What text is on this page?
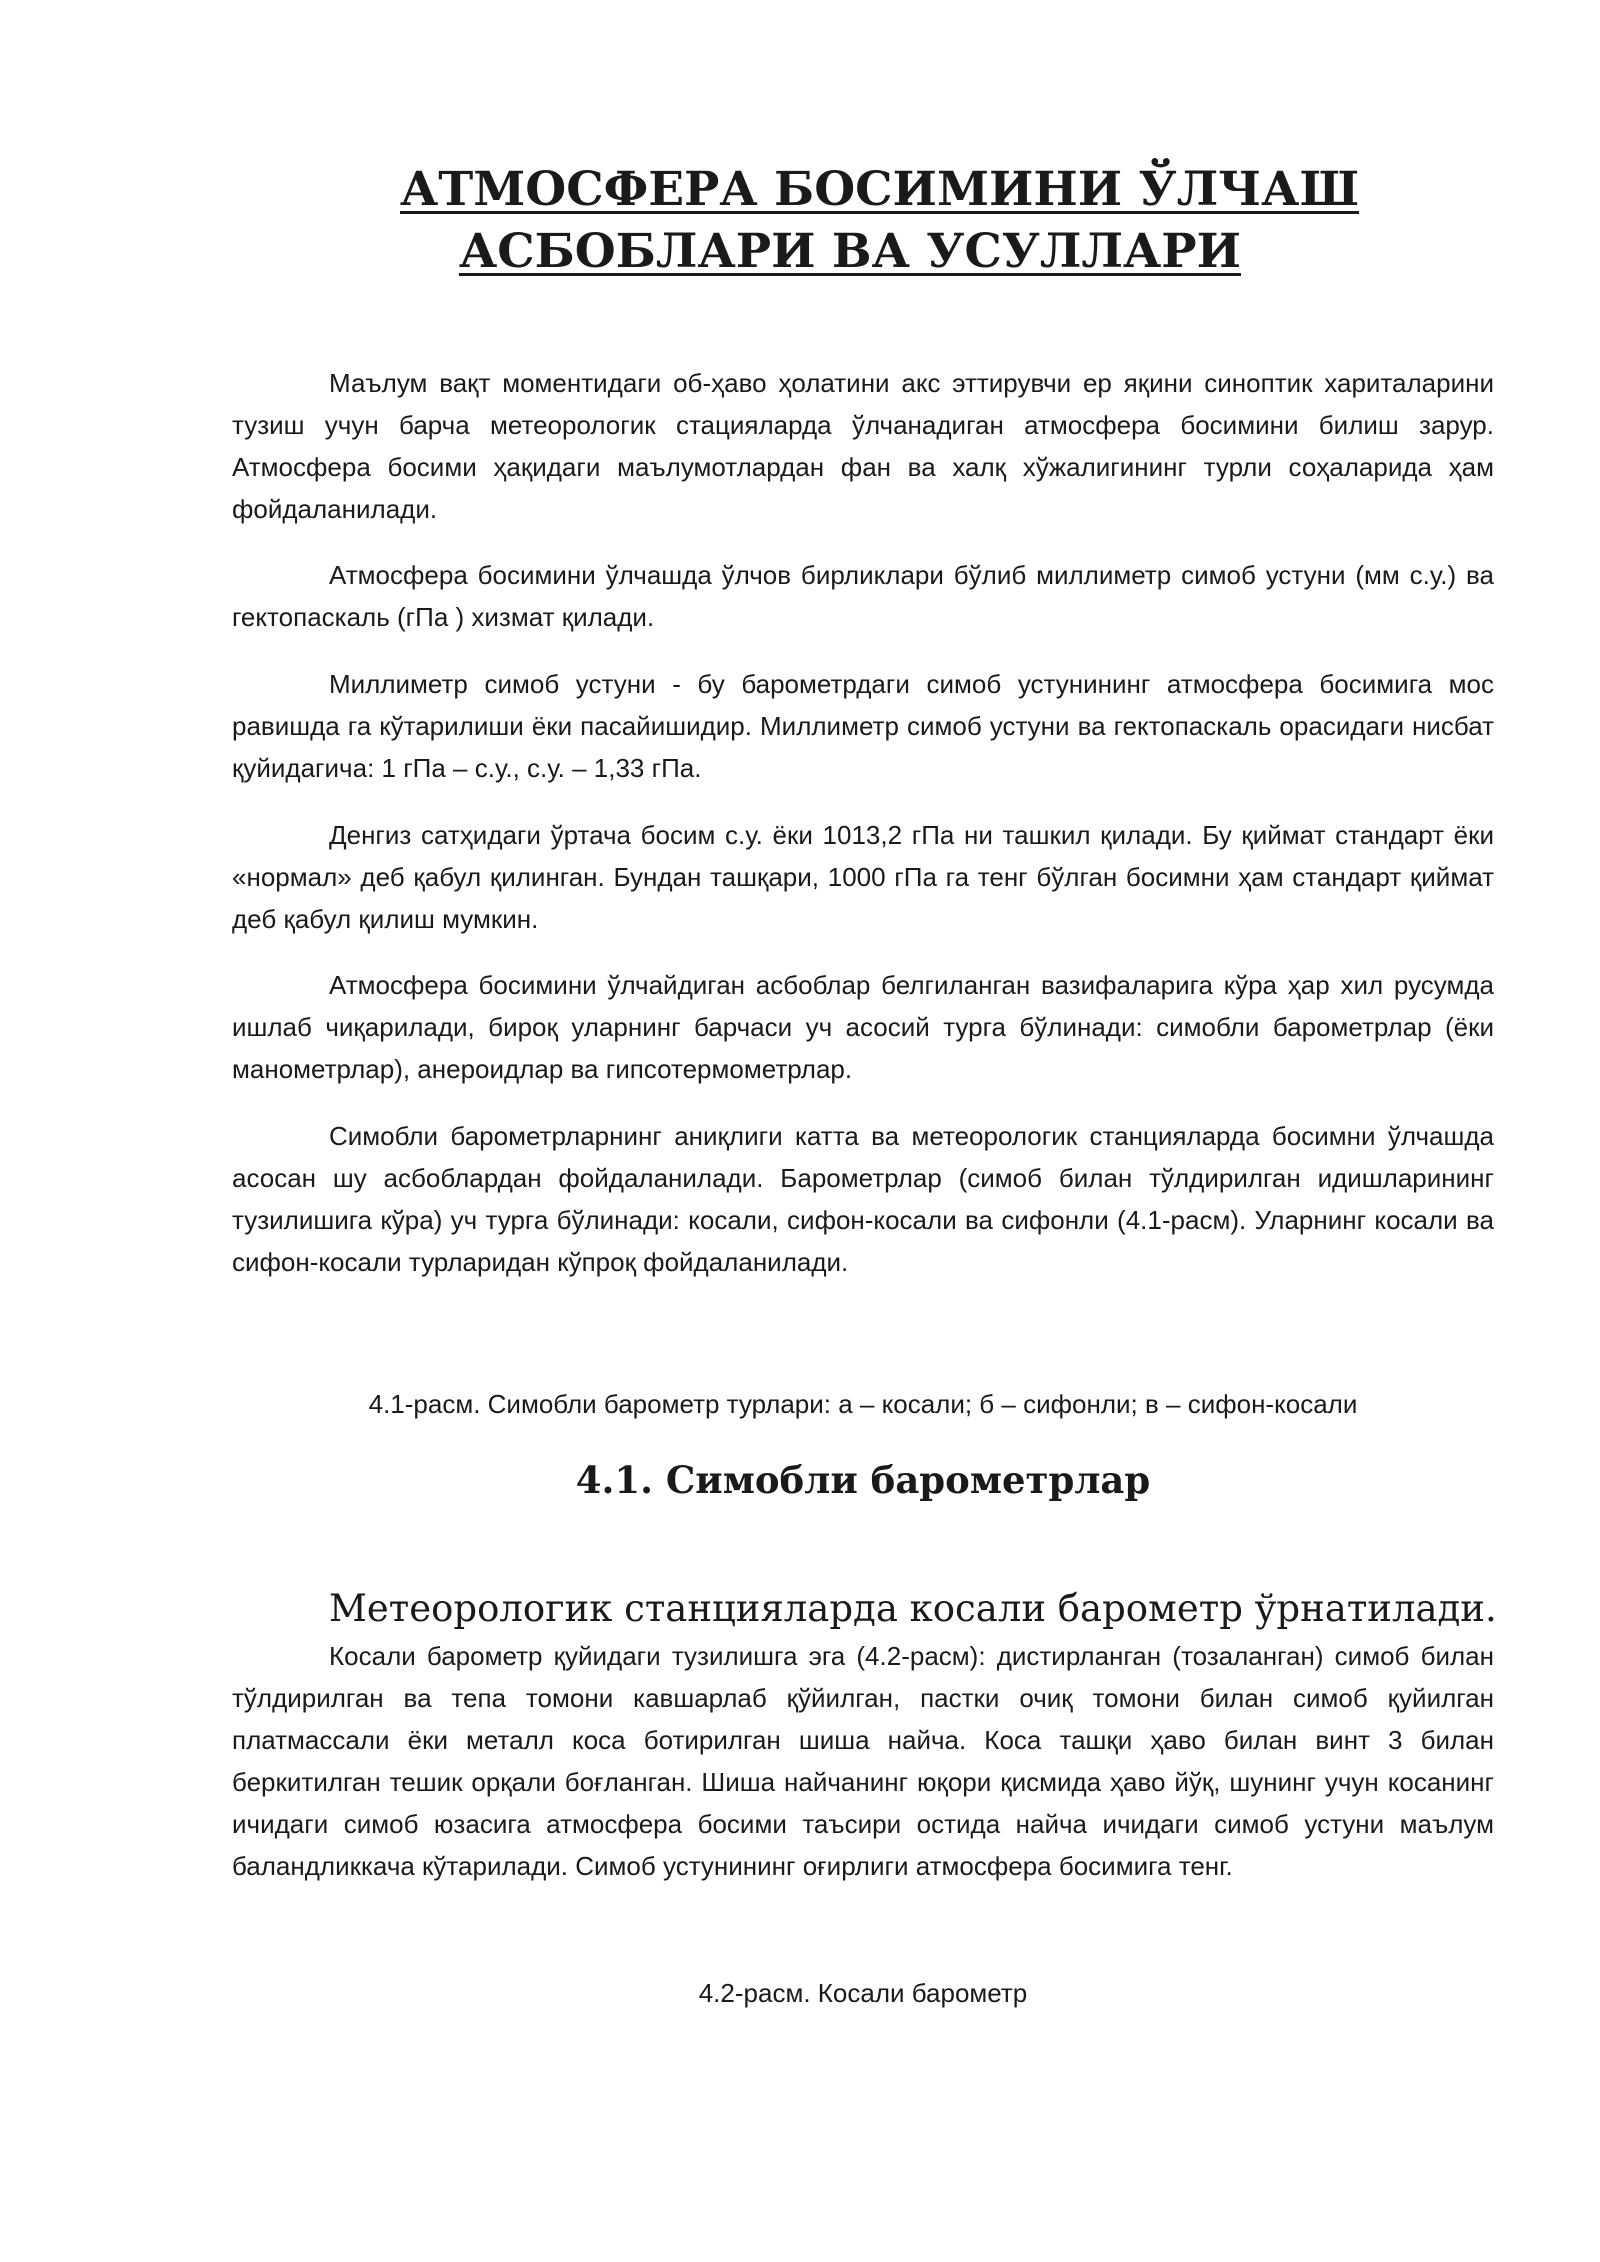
АТМОСФЕРА БОСИМИНИ ЎЛЧАШ
АСБОБЛАРИ ВА УСУЛЛАРИ

Маълум вақт моментидаги об-ҳаво ҳолатини акс эттирувчи ер яқини синоптик хариталарини тузиш учун барча метеорологик стацияларда ўлчанадиган атмосфера босимини билиш зарур. Атмосфера босими ҳақидаги маълумотлардан фан ва халқ хўжалигининг турли соҳаларида ҳам фойдаланилади.

Атмосфера босимини ўлчашда ўлчов бирликлари бўлиб миллиметр симоб устуни (мм с.у.) ва гектопаскаль (гПа ) хизмат қилади.

Миллиметр симоб устуни - бу барометрдаги симоб устунининг атмосфера босимига мос равишда га кўтарилиши ёки пасайишидир. Миллиметр симоб устуни ва гектопаскаль орасидаги нисбат қуйидагича: 1 гПа – с.у., с.у. – 1,33 гПа.

Денгиз сатҳидаги ўртача босим с.у. ёки 1013,2 гПа ни ташкил қилади. Бу қиймат стандарт ёки «нормал» деб қабул қилинган. Бундан ташқари, 1000 гПа га тенг бўлган босимни ҳам стандарт қиймат деб қабул қилиш мумкин.

Атмосфера босимини ўлчайдиган асбоблар белгиланган вазифаларига кўра ҳар хил русумда ишлаб чиқарилади, бироқ уларнинг барчаси уч асосий турга бўлинади: симобли барометрлар (ёки манометрлар), анероидлар ва гипсотермометрлар.

Симобли барометрларнинг аниқлиги катта ва метеорологик станцияларда босимни ўлчашда асосан шу асбоблардан фойдаланилади. Барометрлар (симоб билан тўлдирилган идишларининг тузилишига кўра) уч турга бўлинади: косали, сифон-косали ва сифонли (4.1-расм). Уларнинг косали ва сифон-косали турларидан кўпроқ фойдаланилади.

4.1-расм. Симобли барометр турлари: а – косали; б – сифонли; в – сифон-косали

4.1. Симобли барометрлар

Метеорологик станцияларда косали барометр ўрнатилади.

Косали барометр қуйидаги тузилишга эга (4.2-расм): дистирланган (тозаланган) симоб билан тўлдирилган ва тепа томони кавшарлаб қўйилган, пастки очиқ томони билан симоб қуйилган платмассали ёки металл коса ботирилган шиша найча. Коса ташқи ҳаво билан винт 3 билан беркитилган тешик орқали боғланган. Шиша найчанинг юқори қисмида ҳаво йўқ, шунинг учун косанинг ичидаги симоб юзасига атмосфера босими таъсири остида найча ичидаги симоб устуни маълум баландликкача кўтарилади. Симоб устунининг оғирлиги атмосфера босимига тенг.

4.2-расм. Косали барометр
